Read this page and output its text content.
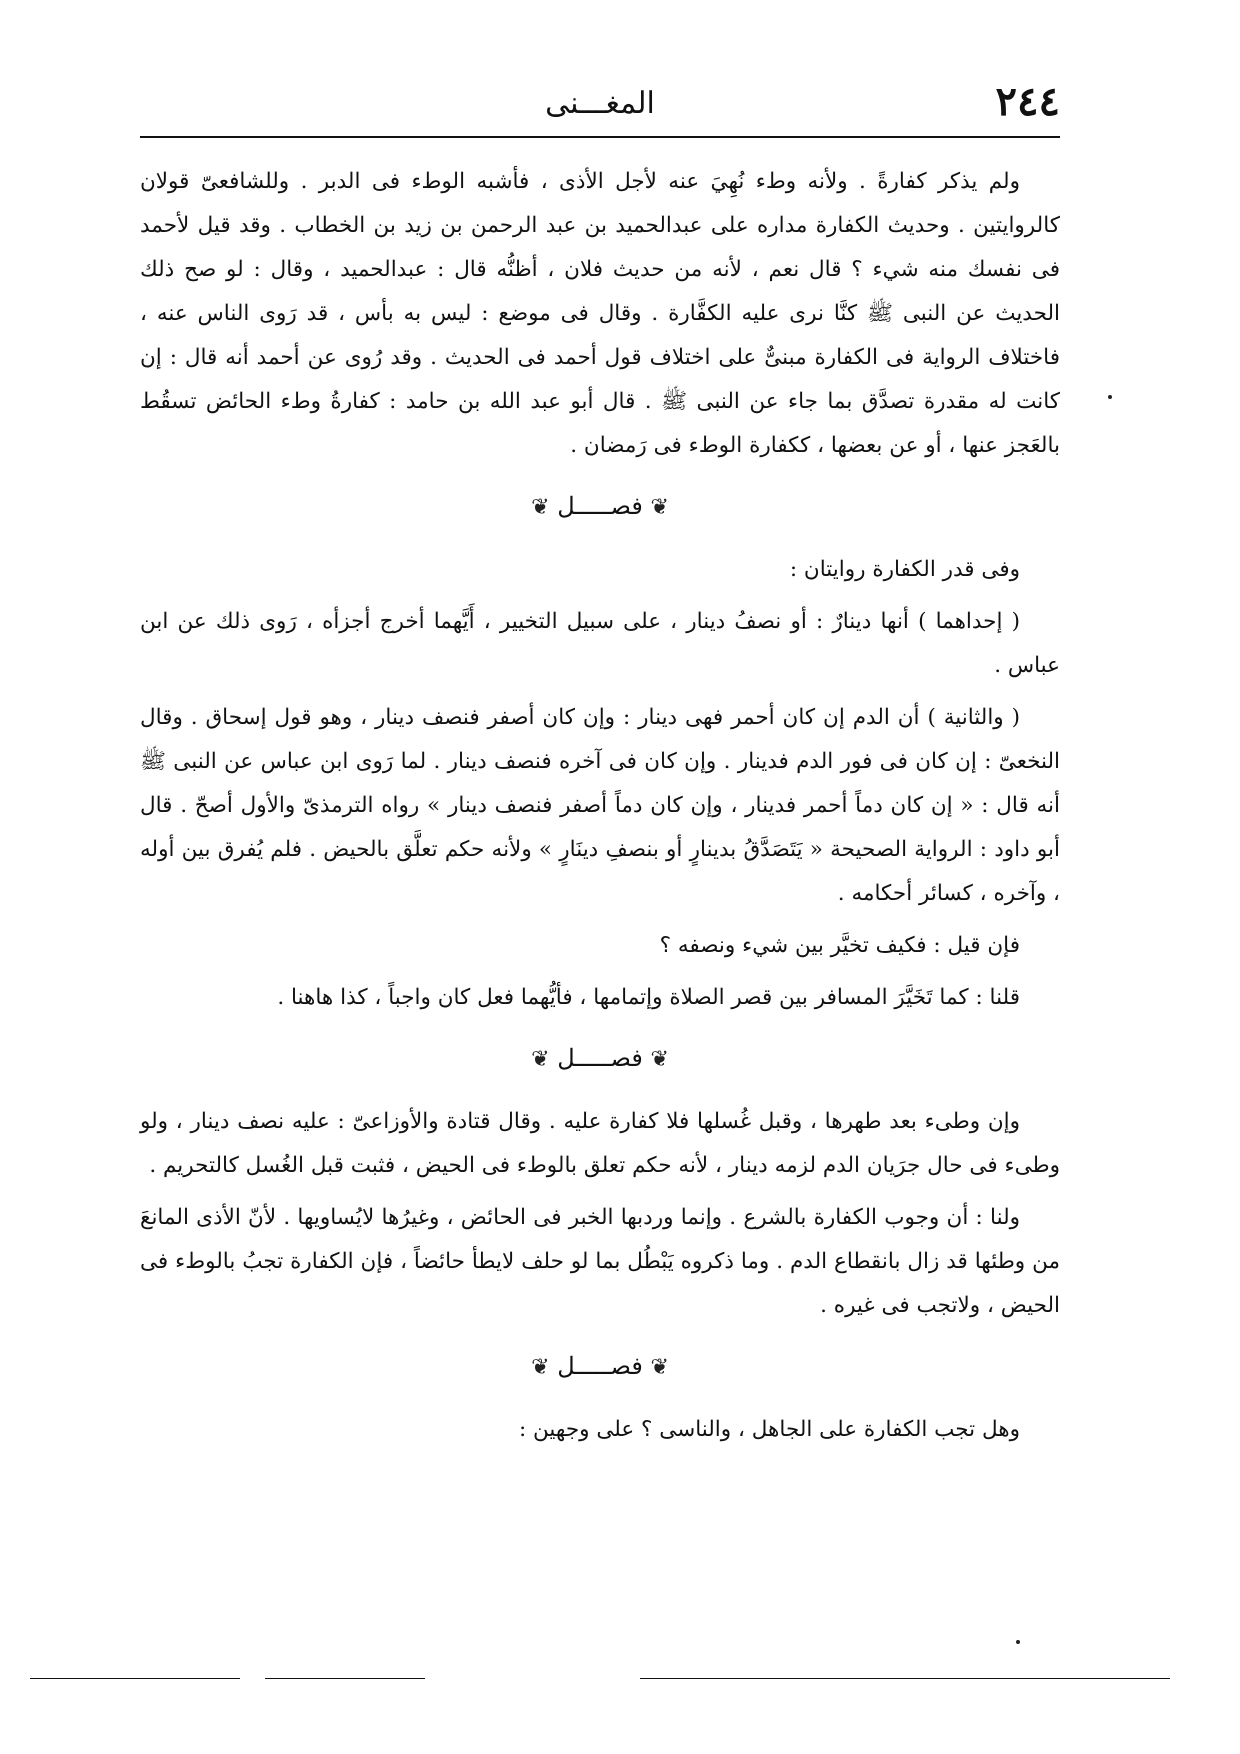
٢٤٤
المغـــنى

ولم يذكر كفارةً . ولأنه وطء نُهِيَ عنه لأجل الأذى ، فأشبه الوطء فى الدبر . وللشافعىّ قولان كالروايتين . وحديث الكفارة مداره على عبدالحميد بن عبد الرحمن بن زيد بن الخطاب . وقد قيل لأحمد فى نفسك منه شيء ؟ قال نعم ، لأنه من حديث فلان ، أظنُّه قال : عبدالحميد ، وقال : لو صح ذلك الحديث عن النبى ﷺ كنَّا نرى عليه الكفَّارة . وقال فى موضع : ليس به بأس ، قد رَوى الناس عنه ، فاختلاف الرواية فى الكفارة مبنىٌّ على اختلاف قول أحمد فى الحديث . وقد رُوى عن أحمد أنه قال : إن كانت له مقدرة تصدَّق بما جاء عن النبى ﷺ . قال أبو عبد الله بن حامد : كفارةُ وطء الحائض تسقُط بالعَجز عنها ، أو عن بعضها ، ككفارة الوطء فى رَمضان .

❦ فصـــــل ❦

وفى قدر الكفارة روايتان :

( إحداهما ) أنها دينارٌ : أو نصفُ دينار ، على سبيل التخيير ، أَيَّهما أخرج أجزأه ، رَوى ذلك عن ابن عباس .

( والثانية ) أن الدم إن كان أحمر فهى دينار : وإن كان أصفر فنصف دينار ، وهو قول إسحاق . وقال النخعىّ : إن كان فى فور الدم فدينار . وإن كان فى آخره فنصف دينار . لما رَوى ابن عباس عن النبى ﷺ أنه قال : « إن كان دماً أحمر فدينار ، وإن كان دماً أصفر فنصف دينار » رواه الترمذىّ والأول أصحّ . قال أبو داود : الرواية الصحيحة « يَتَصَدَّقُ بدينارٍ أو بنصفِ دينَارٍ » ولأنه حكم تعلَّق بالحيض . فلم يُفرق بين أوله ، وآخره ، كسائر أحكامه .

فإن قيل : فكيف تخيَّر بين شيء ونصفه ؟

قلنا : كما تَخَيَّرَ المسافر بين قصر الصلاة وإتمامها ، فأيُّهما فعل كان واجباً ، كذا هاهنا .

❦ فصـــــل ❦

وإن وطىء بعد طهرها ، وقبل غُسلها فلا كفارة عليه . وقال قتادة والأوزاعىّ : عليه نصف دينار ، ولو وطىء فى حال جرَيان الدم لزمه دينار ، لأنه حكم تعلق بالوطء فى الحيض ، فثبت قبل الغُسل كالتحريم .

ولنا : أن وجوب الكفارة بالشرع . وإنما وردبها الخبر فى الحائض ، وغيرُها لايُساويها . لأنّ الأذى المانعَ من وطئها قد زال بانقطاع الدم . وما ذكروه يَبْطُل بما لو حلف لايطأ حائضاً ، فإن الكفارة تجبُ بالوطء فى الحيض ، ولاتجب فى غيره .

❦ فصـــــل ❦

وهل تجب الكفارة على الجاهل ، والناسى ؟ على وجهين :
